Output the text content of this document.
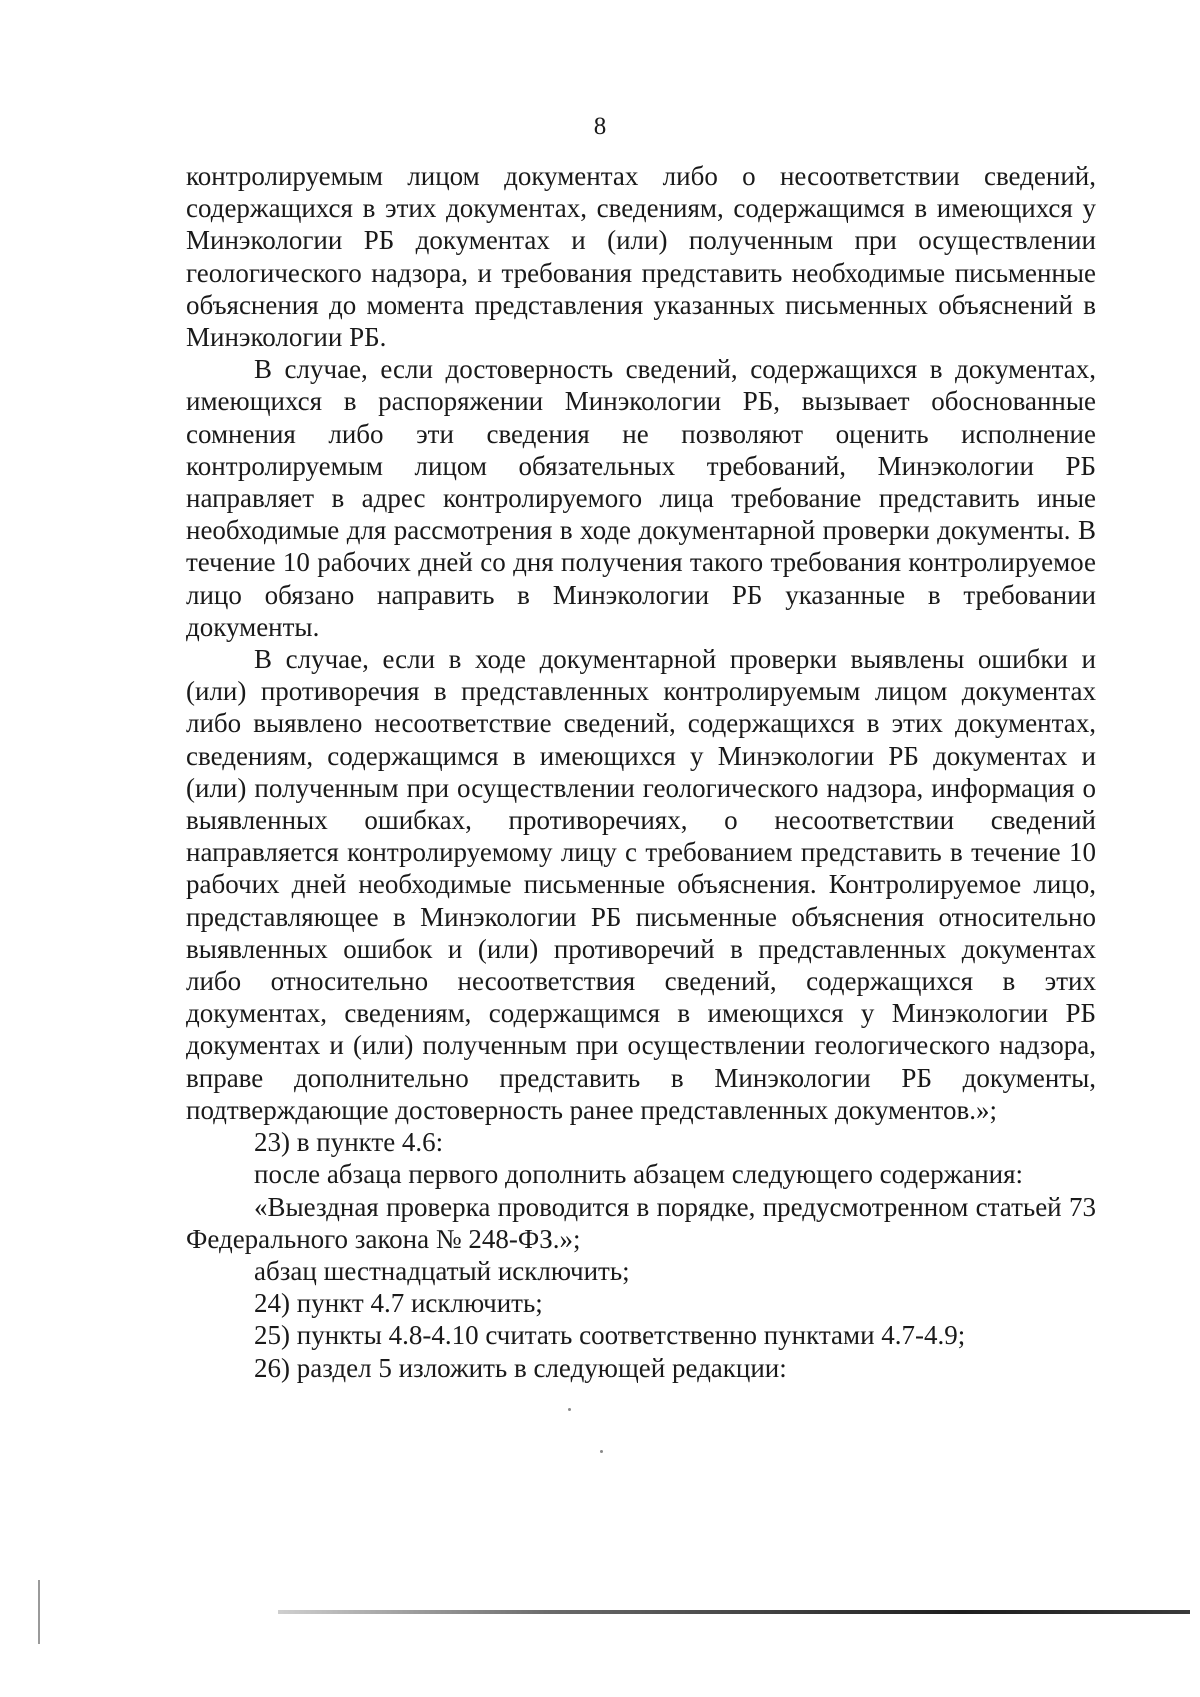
8

контролируемым лицом документах либо о несоответствии сведений, содержащихся в этих документах, сведениям, содержащимся в имеющихся у Минэкологии РБ документах и (или) полученным при осуществлении геологического надзора, и требования представить необходимые письменные объяснения до момента представления указанных письменных объяснений в Минэкологии РБ.

В случае, если достоверность сведений, содержащихся в документах, имеющихся в распоряжении Минэкологии РБ, вызывает обоснованные сомнения либо эти сведения не позволяют оценить исполнение контролируемым лицом обязательных требований, Минэкологии РБ направляет в адрес контролируемого лица требование представить иные необходимые для рассмотрения в ходе документарной проверки документы. В течение 10 рабочих дней со дня получения такого требования контролируемое лицо обязано направить в Минэкологии РБ указанные в требовании документы.

В случае, если в ходе документарной проверки выявлены ошибки и (или) противоречия в представленных контролируемым лицом документах либо выявлено несоответствие сведений, содержащихся в этих документах, сведениям, содержащимся в имеющихся у Минэкологии РБ документах и (или) полученным при осуществлении геологического надзора, информация о выявленных ошибках, противоречиях, о несоответствии сведений направляется контролируемому лицу с требованием представить в течение 10 рабочих дней необходимые письменные объяснения. Контролируемое лицо, представляющее в Минэкологии РБ письменные объяснения относительно выявленных ошибок и (или) противоречий в представленных документах либо относительно несоответствия сведений, содержащихся в этих документах, сведениям, содержащимся в имеющихся у Минэкологии РБ документах и (или) полученным при осуществлении геологического надзора, вправе дополнительно представить в Минэкологии РБ документы, подтверждающие достоверность ранее представленных документов.»;

23) в пункте 4.6:

после абзаца первого дополнить абзацем следующего содержания:

«Выездная проверка проводится в порядке, предусмотренном статьей 73 Федерального закона № 248-ФЗ.»;

абзац шестнадцатый исключить;

24) пункт 4.7 исключить;

25) пункты 4.8-4.10 считать соответственно пунктами 4.7-4.9;

26) раздел 5 изложить в следующей редакции:
